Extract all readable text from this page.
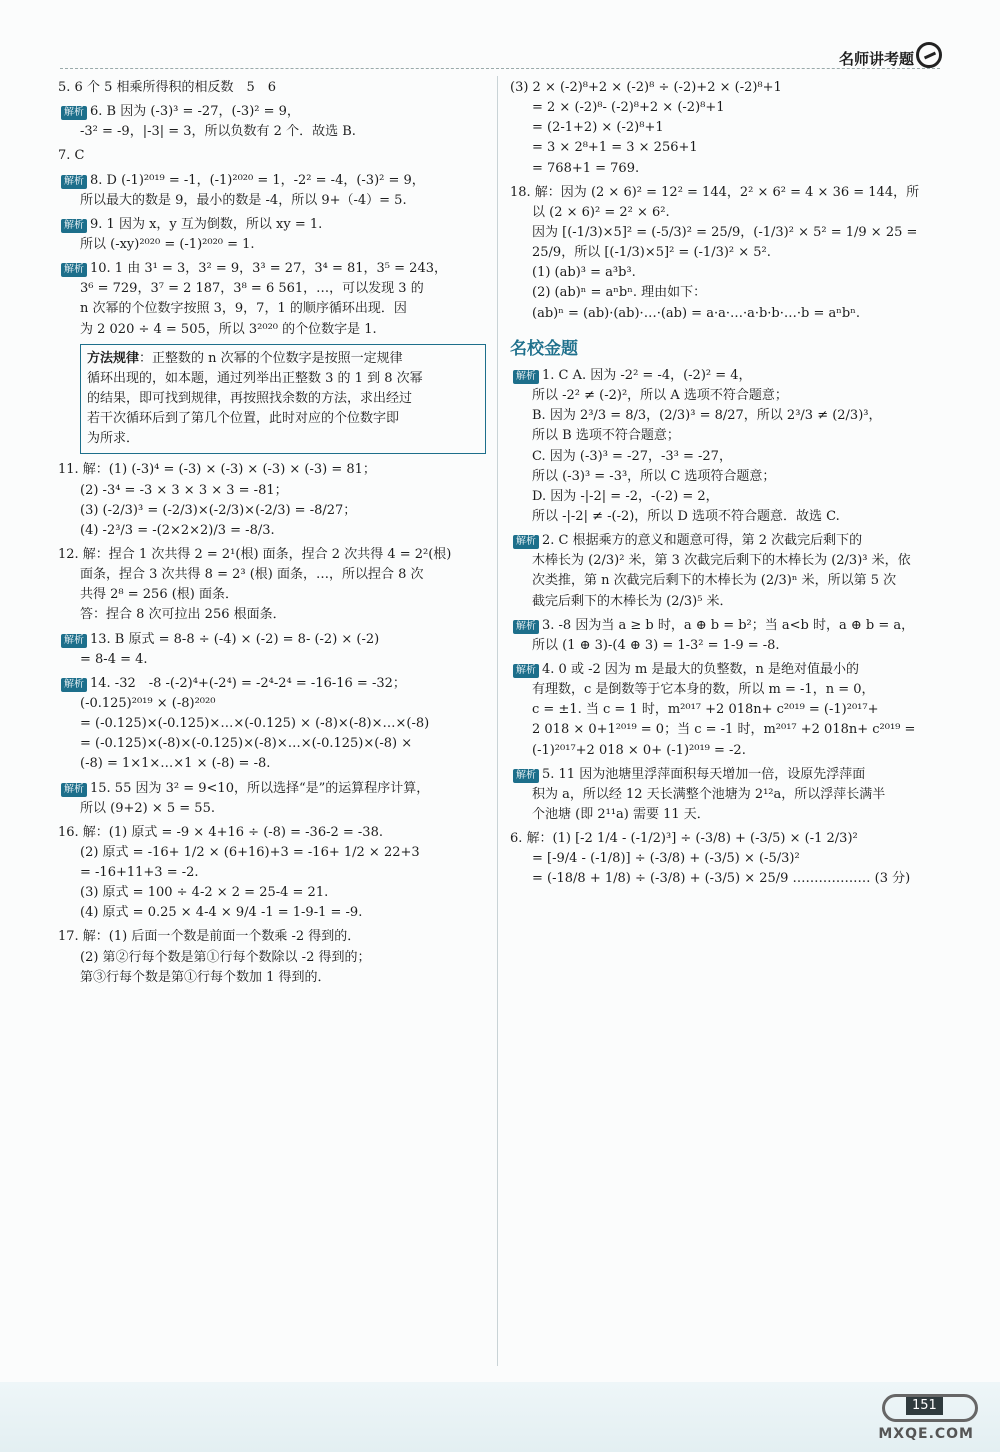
名师讲考题
5. 6 个 5 相乘所得积的相反数　5　6
解析 6. B 因为 (-3)³ = -27，(-3)² = 9，
-3² = -9，|-3| = 3，所以负数有 2 个．故选 B.
7. C
解析 8. D (-1)²⁰¹⁹ = -1，(-1)²⁰²⁰ = 1，-2² = -4，(-3)² = 9，
所以最大的数是 9，最小的数是 -4，所以 9+（-4）= 5.
解析 9. 1 因为 x，y 互为倒数，所以 xy = 1.
所以 (-xy)²⁰²⁰ = (-1)²⁰²⁰ = 1.
解析 10. 1 由 3¹ = 3，3² = 9，3³ = 27，3⁴ = 81，3⁵ = 243，
3⁶ = 729，3⁷ = 2 187，3⁸ = 6 561，…，可以发现 3 的
n 次幂的个位数字按照 3，9，7，1 的顺序循环出现．因
为 2 020 ÷ 4 = 505，所以 3²⁰²⁰ 的个位数字是 1.
方法规律：正整数的 n 次幂的个位数字是按照一定规律
循环出现的，如本题，通过列举出正整数 3 的 1 到 8 次幂
的结果，即可找到规律，再按照找余数的方法，求出经过
若干次循环后到了第几个位置，此时对应的个位数字即
为所求．
11. 解：(1) (-3)⁴ = (-3) × (-3) × (-3) × (-3) = 81；
(2) -3⁴ = -3 × 3 × 3 × 3 = -81；
(3) (-2/3)³ = (-2/3)×(-2/3)×(-2/3) = -8/27；
(4) -2³/3 = -(2×2×2)/3 = -8/3.
12. 解：捏合 1 次共得 2 = 2¹(根) 面条，捏合 2 次共得 4 = 2²(根)
面条，捏合 3 次共得 8 = 2³ (根) 面条，…，所以捏合 8 次
共得 2⁸ = 256 (根) 面条．
答：捏合 8 次可拉出 256 根面条．
解析 13. B 原式 = 8-8 ÷ (-4) × (-2) = 8- (-2) × (-2)
= 8-4 = 4.
解析 14. -32　-8 -(-2)⁴+(-2⁴) = -2⁴-2⁴ = -16-16 = -32；
(-0.125)²⁰¹⁹ × (-8)²⁰²⁰
= (-0.125)×(-0.125)×…×(-0.125) × (-8)×(-8)×…×(-8)
= (-0.125)×(-8)×(-0.125)×(-8)×…×(-0.125)×(-8) ×
(-8) = 1×1×…×1 × (-8) = -8.
解析 15. 55 因为 3² = 9<10，所以选择“是”的运算程序计算，
所以 (9+2) × 5 = 55.
16. 解：(1) 原式 = -9 × 4+16 ÷ (-8) = -36-2 = -38.
(2) 原式 = -16+ 1/2 × (6+16)+3 = -16+ 1/2 × 22+3
= -16+11+3 = -2.
(3) 原式 = 100 ÷ 4-2 × 2 = 25-4 = 21.
(4) 原式 = 0.25 × 4-4 × 9/4 -1 = 1-9-1 = -9.
17. 解：(1) 后面一个数是前面一个数乘 -2 得到的．
(2) 第②行每个数是第①行每个数除以 -2 得到的；
第③行每个数是第①行每个数加 1 得到的．
(3) 2 × (-2)⁸+2 × (-2)⁸ ÷ (-2)+2 × (-2)⁸+1
= 2 × (-2)⁸- (-2)⁸+2 × (-2)⁸+1
= (2-1+2) × (-2)⁸+1
= 3 × 2⁸+1 = 3 × 256+1
= 768+1 = 769.
18. 解：因为 (2 × 6)² = 12² = 144，2² × 6² = 4 × 36 = 144，所
以 (2 × 6)² = 2² × 6².
因为 [(-1/3)×5]² = (-5/3)² = 25/9，(-1/3)² × 5² = 1/9 × 25 =
25/9，所以 [(-1/3)×5]² = (-1/3)² × 5².
(1) (ab)³ = a³b³.
(2) (ab)ⁿ = aⁿbⁿ. 理由如下：
(ab)ⁿ = (ab)·(ab)·…·(ab) = a·a·…·a·b·b·…·b = aⁿbⁿ.
名校金题
解析 1. C A. 因为 -2² = -4，(-2)² = 4，
所以 -2² ≠ (-2)²，所以 A 选项不符合题意；
B. 因为 2³/3 = 8/3，(2/3)³ = 8/27，所以 2³/3 ≠ (2/3)³，
所以 B 选项不符合题意；
C. 因为 (-3)³ = -27，-3³ = -27，
所以 (-3)³ = -3³，所以 C 选项符合题意；
D. 因为 -|-2| = -2，-(-2) = 2，
所以 -|-2| ≠ -(-2)，所以 D 选项不符合题意．故选 C.
解析 2. C 根据乘方的意义和题意可得，第 2 次截完后剩下的
木棒长为 (2/3)² 米，第 3 次截完后剩下的木棒长为 (2/3)³ 米，依
次类推，第 n 次截完后剩下的木棒长为 (2/3)ⁿ 米，所以第 5 次
截完后剩下的木棒长为 (2/3)⁵ 米．
解析 3. -8 因为当 a ≥ b 时，a ⊕ b = b²；当 a<b 时，a ⊕ b = a，
所以 (1 ⊕ 3)-(4 ⊕ 3) = 1-3² = 1-9 = -8.
解析 4. 0 或 -2 因为 m 是最大的负整数，n 是绝对值最小的
有理数，c 是倒数等于它本身的数，所以 m = -1，n = 0，
c = ±1. 当 c = 1 时，m²⁰¹⁷ +2 018n+ c²⁰¹⁹ = (-1)²⁰¹⁷+
2 018 × 0+1²⁰¹⁹ = 0；当 c = -1 时，m²⁰¹⁷ +2 018n+ c²⁰¹⁹ =
(-1)²⁰¹⁷+2 018 × 0+ (-1)²⁰¹⁹ = -2.
解析 5. 11 因为池塘里浮萍面积每天增加一倍，设原先浮萍面
积为 a，所以经 12 天长满整个池塘为 2¹²a，所以浮萍长满半
个池塘 (即 2¹¹a) 需要 11 天．
6. 解：(1) [-2 1/4 - (-1/2)³] ÷ (-3/8) + (-3/5) × (-1 2/3)²
= [-9/4 - (-1/8)] ÷ (-3/8) + (-3/5) × (-5/3)²
= (-18/8 + 1/8) ÷ (-3/8) + (-3/5) × 25/9 ……………… (3 分)
151
MXQE.COM
